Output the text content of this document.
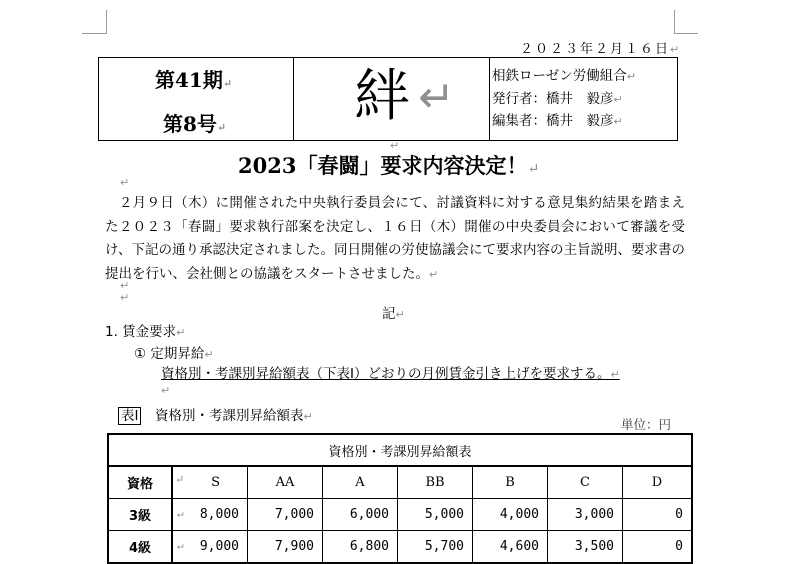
２０２３年２月１６日↵
第41期↵
第8号↵ 絆 ↵	相鉄ローゼン労働組合↵
発行者：橋井　毅彦↵
編集者：橋井　毅彦↵
↵
2023「春闘」要求内容決定！↵
↵

　２月９日（木）に開催された中央執行委員会にて、討議資料に対する意見集約結果を踏まえた２０２３「春闘」要求執行部案を決定し、１６日（木）開催の中央委員会において審議を受け、下記の通り承認決定されました。同日開催の労使協議会にて要求内容の主旨説明、要求書の提出を行い、会社側との協議をスタートさせました。↵

↵
↵
記↵
1. 賃金要求↵
① 定期昇給↵
資格別・考課別昇給額表（下表Ⅰ）どおりの月例賃金引き上げを要求する。↵
↵
表Ⅰ　 資格別・考課別昇給額表↵
単位：円
資格別・考課別昇給額表							
資格	↵ S	AA	A	BB	B	C	D
3級	↵ 8,000	7,000	6,000	5,000	4,000	3,000	0
4級	↵ 9,000	7,900	6,800	5,700	4,600	3,500	0
